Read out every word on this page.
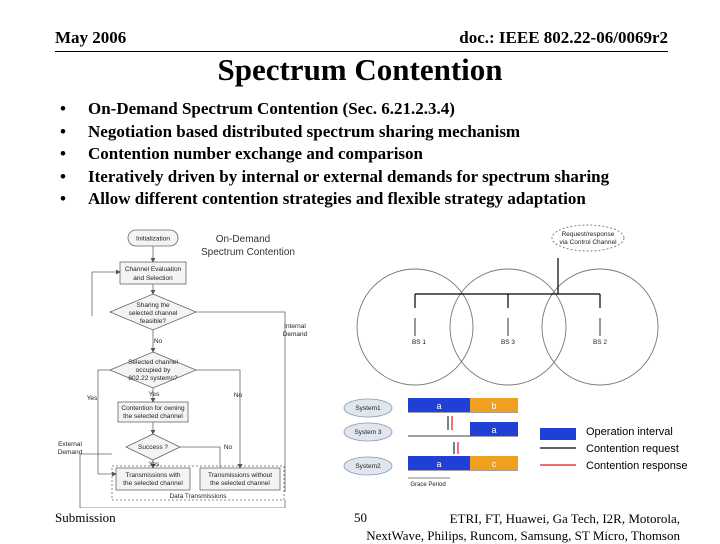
May 2006	doc.: IEEE 802.22-06/0069r2
Spectrum Contention
• On-Demand Spectrum Contention (Sec. 6.21.2.3.4)
• Negotiation based distributed spectrum sharing mechanism
• Contention number exchange and comparison
• Iteratively driven by internal or external demands for spectrum sharing
• Allow different contention strategies and flexible strategy adaptation
Initialization
Channel Evaluation
and Selection
Sharing the
selected channel
feasible?
No
Selected channel
occupied by
802.22 systems?
Yes
Yes	No
Contention for owning
the selected channel
Success ?	No
Yes
Transmissions with
the selected channel
Transmissions without
the selected channel
Data Transmissions
Internal
Demand
External
Demand
On-Demand
Spectrum Contention
Request/response
via Control Channel
BS 1	BS 3	BS 2
System1
System 3
System2
a	b
a
a	c
Grace Period
Operation interval
Contention request
Contention response
Submission	50	ETRI, FT, Huawei, Ga Tech, I2R, Motorola,
NextWave, Philips, Runcom, Samsung, ST Micro, Thomson
